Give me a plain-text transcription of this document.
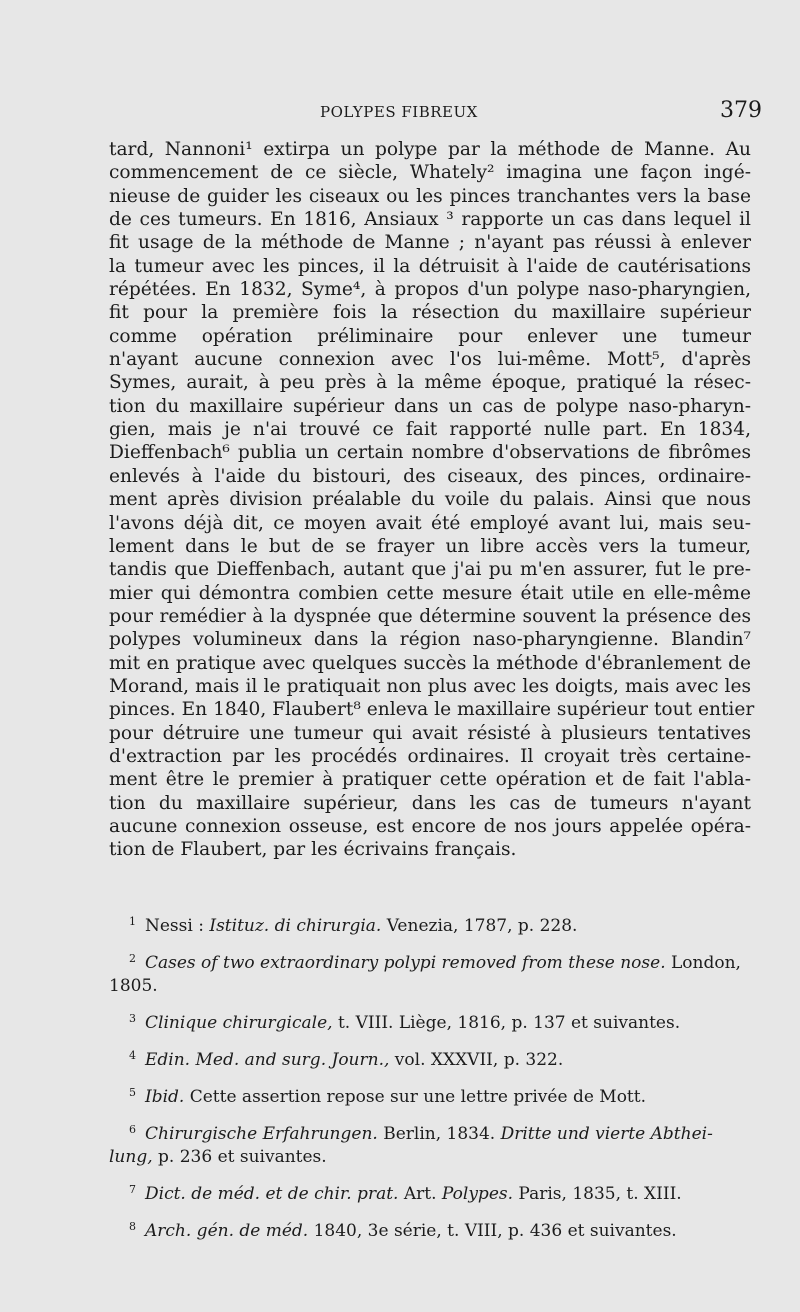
POLYPES FIBREUX	379
tard, Nannoni¹ extirpa un polype par la méthode de Manne. Au
commencement de ce siècle, Whately² imagina une façon ingé-
nieuse de guider les ciseaux ou les pinces tranchantes vers la base
de ces tumeurs. En 1816, Ansiaux ³ rapporte un cas dans lequel il
fit usage de la méthode de Manne ; n'ayant pas réussi à enlever
la tumeur avec les pinces, il la détruisit à l'aide de cautérisations
répétées. En 1832, Syme⁴, à propos d'un polype naso-pharyngien,
fit pour la première fois la résection du maxillaire supérieur
comme opération préliminaire pour enlever une tumeur
n'ayant aucune connexion avec l'os lui-même. Mott⁵, d'après
Symes, aurait, à peu près à la même époque, pratiqué la résec-
tion du maxillaire supérieur dans un cas de polype naso-pharyn-
gien, mais je n'ai trouvé ce fait rapporté nulle part. En 1834,
Dieffenbach⁶ publia un certain nombre d'observations de fibrômes
enlevés à l'aide du bistouri, des ciseaux, des pinces, ordinaire-
ment après division préalable du voile du palais. Ainsi que nous
l'avons déjà dit, ce moyen avait été employé avant lui, mais seu-
lement dans le but de se frayer un libre accès vers la tumeur,
tandis que Dieffenbach, autant que j'ai pu m'en assurer, fut le pre-
mier qui démontra combien cette mesure était utile en elle-même
pour remédier à la dyspnée que détermine souvent la présence des
polypes volumineux dans la région naso-pharyngienne. Blandin⁷
mit en pratique avec quelques succès la méthode d'ébranlement de
Morand, mais il le pratiquait non plus avec les doigts, mais avec les
pinces. En 1840, Flaubert⁸ enleva le maxillaire supérieur tout entier
pour détruire une tumeur qui avait résisté à plusieurs tentatives
d'extraction par les procédés ordinaires. Il croyait très certaine-
ment être le premier à pratiquer cette opération et de fait l'abla-
tion du maxillaire supérieur, dans les cas de tumeurs n'ayant
aucune connexion osseuse, est encore de nos jours appelée opéra-
tion de Flaubert, par les écrivains français.
$^1$ Nessi : Istituz. di chirurgia. Venezia, 1787, p. 228.
$^2$ Cases of two extraordinary polypi removed from these nose. London,
1805.
$^3$ Clinique chirurgicale, t. VIII. Liège, 1816, p. 137 et suivantes.
$^4$ Edin. Med. and surg. Journ., vol. XXXVII, p. 322.
$^5$ Ibid. Cette assertion repose sur une lettre privée de Mott.
$^6$ Chirurgische Erfahrungen. Berlin, 1834. Dritte und vierte Abthei-
lung, p. 236 et suivantes.
$^7$ Dict. de méd. et de chir. prat. Art. Polypes. Paris, 1835, t. XIII.
$^8$ Arch. gén. de méd. 1840, 3e série, t. VIII, p. 436 et suivantes.
